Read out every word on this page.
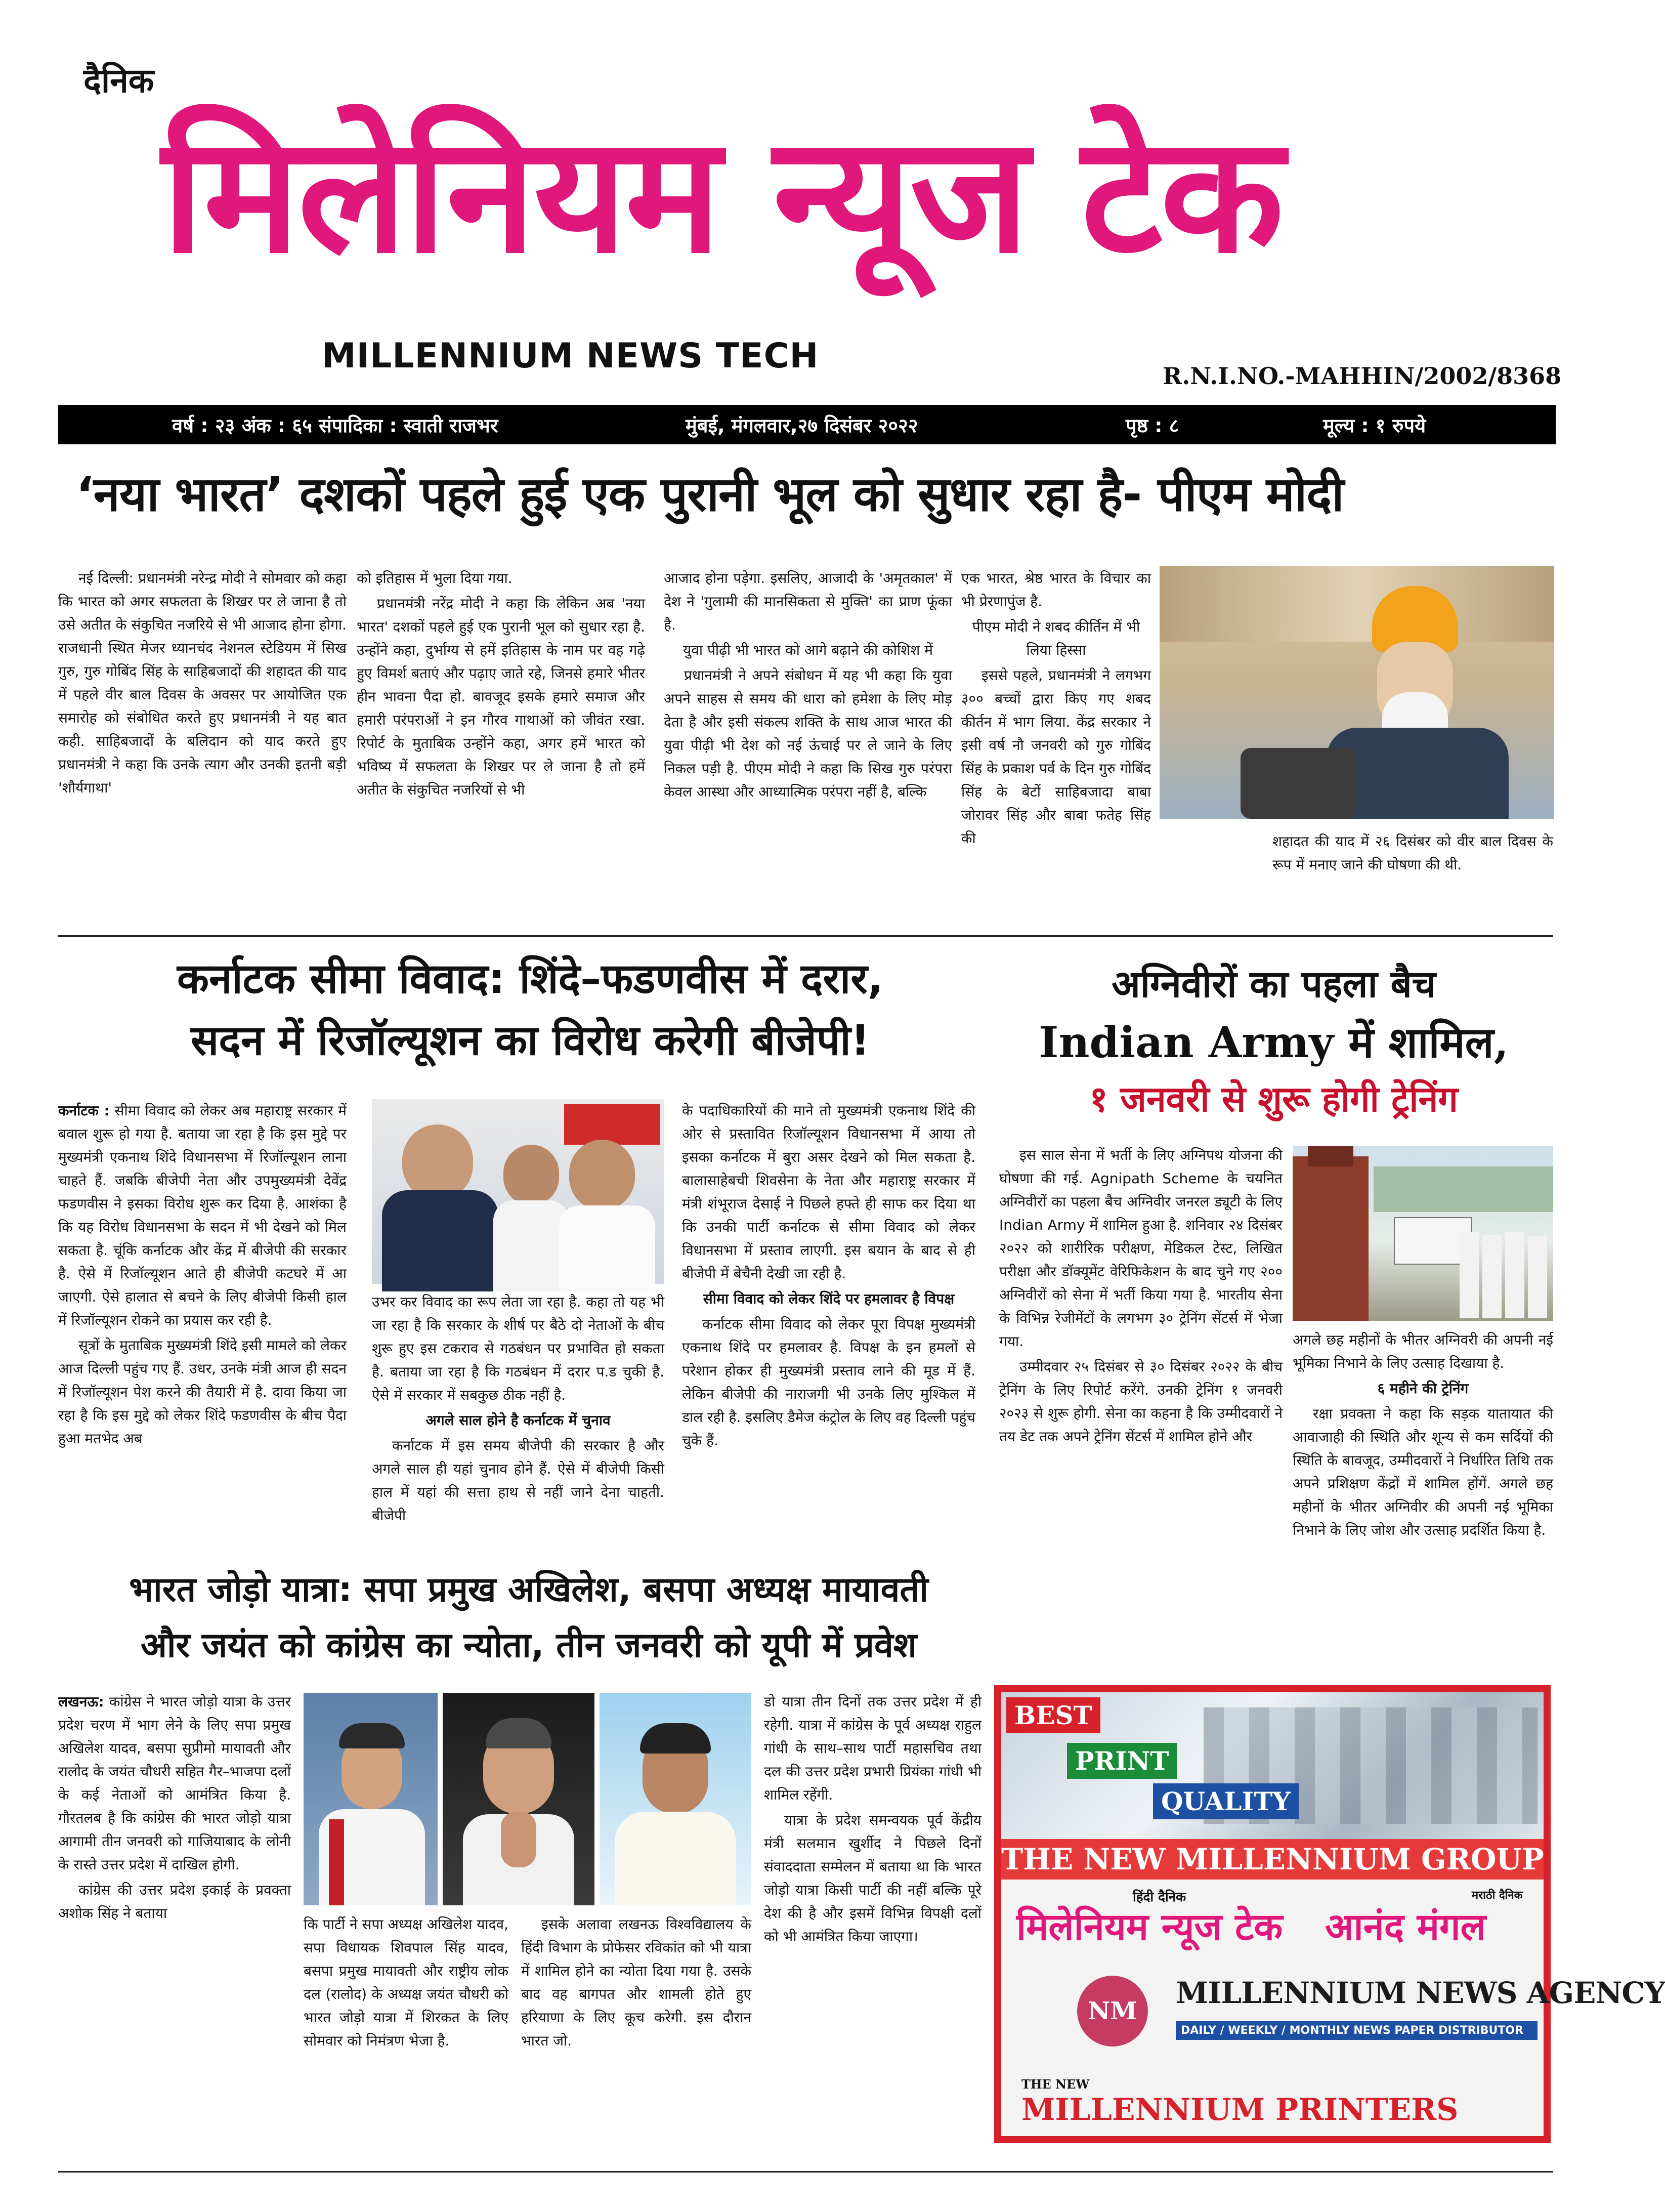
दैनिक
मिलेनियम न्यूज टेक
MILLENNIUM NEWS TECH	R.N.I.NO.-MAHHIN/2002/8368
वर्ष : २३ अंक : ६५ संपादिका : स्वाती राजभर	मुंबई, मंगलवार,२७ दिसंबर २०२२	पृष्ठ : ८	मूल्य : १ रुपये
‘नया भारत’ दशकों पहले हुई एक पुरानी भूल को सुधार रहा है- पीएम मोदी

नई दिल्ली: प्रधानमंत्री नरेन्द्र मोदी ने सोमवार को कहा कि भारत को अगर सफलता के शिखर पर ले जाना है तो उसे अतीत के संकुचित नजरिये से भी आजाद होना होगा. राजधानी स्थित मेजर ध्यानचंद नेशनल स्टेडियम में सिख गुरु, गुरु गोबिंद सिंह के साहिबजादों की शहादत की याद में पहले वीर बाल दिवस के अवसर पर आयोजित एक समारोह को संबोधित करते हुए प्रधानमंत्री ने यह बात कही. साहिबजादों के बलिदान को याद करते हुए प्रधानमंत्री ने कहा कि उनके त्याग और उनकी इतनी बड़ी 'शौर्यगाथा'

को इतिहास में भुला दिया गया.

प्रधानमंत्री नरेंद्र मोदी ने कहा कि लेकिन अब 'नया भारत' दशकों पहले हुई एक पुरानी भूल को सुधार रहा है. उन्होंने कहा, दुर्भाग्य से हमें इतिहास के नाम पर वह गढ़े हुए विमर्श बताएं और पढ़ाए जाते रहे, जिनसे हमारे भीतर हीन भावना पैदा हो. बावजूद इसके हमारे समाज और हमारी परंपराओं ने इन गौरव गाथाओं को जीवंत रखा. रिपोर्ट के मुताबिक उन्होंने कहा, अगर हमें भारत को भविष्य में सफलता के शिखर पर ले जाना है तो हमें अतीत के संकुचित नजरियों से भी

आजाद होना पड़ेगा. इसलिए, आजादी के 'अमृतकाल' में देश ने 'गुलामी की मानसिकता से मुक्ति' का प्राण फूंका है.

युवा पीढ़ी भी भारत को आगे बढ़ाने की कोशिश में

प्रधानमंत्री ने अपने संबोधन में यह भी कहा कि युवा अपने साहस से समय की धारा को हमेशा के लिए मोड़ देता है और इसी संकल्प शक्ति के साथ आज भारत की युवा पीढ़ी भी देश को नई ऊंचाई पर ले जाने के लिए निकल पड़ी है. पीएम मोदी ने कहा कि सिख गुरु परंपरा केवल आस्था और आध्यात्मिक परंपरा नहीं है, बल्कि

एक भारत, श्रेष्ठ भारत के विचार का भी प्रेरणापुंज है.

पीएम मोदी ने शबद कीर्तिन में भी लिया हिस्सा

इससे पहले, प्रधानमंत्री ने लगभग ३०० बच्चों द्वारा किए गए शबद कीर्तन में भाग लिया. केंद्र सरकार ने इसी वर्ष नौ जनवरी को गुरु गोबिंद सिंह के प्रकाश पर्व के दिन गुरु गोबिंद सिंह के बेटों साहिबजादा बाबा जोरावर सिंह और बाबा फतेह सिंह की	शहादत की याद में २६ दिसंबर को वीर बाल दिवस के रूप में मनाए जाने की घोषणा की थी.

कर्नाटक सीमा विवाद: शिंदे–फडणवीस में दरार,
सदन में रिजॉल्यूशन का विरोध करेगी बीजेपी!

कर्नाटक : सीमा विवाद को लेकर अब महाराष्ट्र सरकार में बवाल शुरू हो गया है. बताया जा रहा है कि इस मुद्दे पर मुख्यमंत्री एकनाथ शिंदे विधानसभा में रिजॉल्यूशन लाना चाहते हैं. जबकि बीजेपी नेता और उपमुख्यमंत्री देवेंद्र फडणवीस ने इसका विरोध शुरू कर दिया है. आशंका है कि यह विरोध विधानसभा के सदन में भी देखने को मिल सकता है. चूंकि कर्नाटक और केंद्र में बीजेपी की सरकार है. ऐसे में रिजॉल्यूशन आते ही बीजेपी कटघरे में आ जाएगी. ऐसे हालात से बचने के लिए बीजेपी किसी हाल में रिजॉल्यूशन रोकने का प्रयास कर रही है.

सूत्रों के मुताबिक मुख्यमंत्री शिंदे इसी मामले को लेकर आज दिल्ली पहुंच गए हैं. उधर, उनके मंत्री आज ही सदन में रिजॉल्यूशन पेश करने की तैयारी में है. दावा किया जा रहा है कि इस मुद्दे को लेकर शिंदे फडणवीस के बीच पैदा हुआ मतभेद अब

उभर कर विवाद का रूप लेता जा रहा है. कहा तो यह भी जा रहा है कि सरकार के शीर्ष पर बैठे दो नेताओं के बीच शुरू हुए इस टकराव से गठबंधन पर प्रभावित हो सकता है. बताया जा रहा है कि गठबंधन में दरार प.ड चुकी है. ऐसे में सरकार में सबकुछ ठीक नहीं है.

अगले साल होने है कर्नाटक में चुनाव

कर्नाटक में इस समय बीजेपी की सरकार है और अगले साल ही यहां चुनाव होने हैं. ऐसे में बीजेपी किसी हाल में यहां की सत्ता हाथ से नहीं जाने देना चाहती. बीजेपी

के पदाधिकारियों की माने तो मुख्यमंत्री एकनाथ शिंदे की ओर से प्रस्तावित रिजॉल्यूशन विधानसभा में आया तो इसका कर्नाटक में बुरा असर देखने को मिल सकता है. बालासाहेबची शिवसेना के नेता और महाराष्ट्र सरकार में मंत्री शंभूराज देसाई ने पिछले हफ्ते ही साफ कर दिया था कि उनकी पार्टी कर्नाटक से सीमा विवाद को लेकर विधानसभा में प्रस्ताव लाएगी. इस बयान के बाद से ही बीजेपी में बेचैनी देखी जा रही है.

सीमा विवाद को लेकर शिंदे पर हमलावर है विपक्ष

कर्नाटक सीमा विवाद को लेकर पूरा विपक्ष मुख्यमंत्री एकनाथ शिंदे पर हमलावर है. विपक्ष के इन हमलों से परेशान होकर ही मुख्यमंत्री प्रस्ताव लाने की मूड में हैं. लेकिन बीजेपी की नाराजगी भी उनके लिए मुश्किल में डाल रही है. इसलिए डैमेज कंट्रोल के लिए वह दिल्ली पहुंच चुके हैं.

अग्निवीरों का पहला बैच
Indian Army में शामिल,
१ जनवरी से शुरू होगी ट्रेनिंग

इस साल सेना में भर्ती के लिए अग्निपथ योजना की घोषणा की गई. Agnipath Scheme के चयनित अग्निवीरों का पहला बैच अग्निवीर जनरल ड्यूटी के लिए Indian Army में शामिल हुआ है. शनिवार २४ दिसंबर २०२२ को शारीरिक परीक्षण, मेडिकल टेस्ट, लिखित परीक्षा और डॉक्यूमेंट वेरिफिकेशन के बाद चुने गए २०० अग्निवीरों को सेना में भर्ती किया गया है. भारतीय सेना के विभिन्न रेजीमेंटों के लगभग ३० ट्रेनिंग सेंटर्स में भेजा गया.

उम्मीदवार २५ दिसंबर से ३० दिसंबर २०२२ के बीच ट्रेनिंग के लिए रिपोर्ट करेंगे. उनकी ट्रेनिंग १ जनवरी २०२३ से शुरू होगी. सेना का कहना है कि उम्मीदवारों ने तय डेट तक अपने ट्रेनिंग सेंटर्स में शामिल होने और

अगले छह महीनों के भीतर अग्निवरी की अपनी नई भूमिका निभाने के लिए उत्साह दिखाया है.

६ महीने की ट्रेनिंग

रक्षा प्रवक्ता ने कहा कि सड़क यातायात की आवाजाही की स्थिति और शून्य से कम सर्दियों की स्थिति के बावजूद, उम्मीदवारों ने निर्धारित तिथि तक अपने प्रशिक्षण केंद्रों में शामिल होंगें. अगले छह महीनों के भीतर अग्निवीर की अपनी नई भूमिका निभाने के लिए जोश और उत्साह प्रदर्शित किया है.

भारत जोड़ो यात्रा: सपा प्रमुख अखिलेश, बसपा अध्यक्ष मायावती
और जयंत को कांग्रेस का न्योता, तीन जनवरी को यूपी में प्रवेश

लखनऊ: कांग्रेस ने भारत जोड़ो यात्रा के उत्तर प्रदेश चरण में भाग लेने के लिए सपा प्रमुख अखिलेश यादव, बसपा सुप्रीमो मायावती और रालोद के जयंत चौधरी सहित गैर–भाजपा दलों के कई नेताओं को आमंत्रित किया है. गौरतलब है कि कांग्रेस की भारत जोड़ो यात्रा आगामी तीन जनवरी को गाजियाबाद के लोनी के रास्ते उत्तर प्रदेश में दाखिल होगी.

कांग्रेस की उत्तर प्रदेश इकाई के प्रवक्ता अशोक सिंह ने बताया

कि पार्टी ने सपा अध्यक्ष अखिलेश यादव, सपा विधायक शिवपाल सिंह यादव, बसपा प्रमुख मायावती और राष्ट्रीय लोक दल (रालोद) के अध्यक्ष जयंत चौधरी को भारत जोड़ो यात्रा में शिरकत के लिए सोमवार को निमंत्रण भेजा है.

इसके अलावा लखनऊ विश्वविद्यालय के हिंदी विभाग के प्रोफेसर रविकांत को भी यात्रा में शामिल होने का न्योता दिया गया है. उसके बाद वह बागपत और शामली होते हुए हरियाणा के लिए कूच करेगी. इस दौरान भारत जो.

डो यात्रा तीन दिनों तक उत्तर प्रदेश में ही रहेगी. यात्रा में कांग्रेस के पूर्व अध्यक्ष राहुल गांधी के साथ–साथ पार्टी महासचिव तथा दल की उत्तर प्रदेश प्रभारी प्रियंका गांधी भी शामिल रहेंगी.

यात्रा के प्रदेश समन्वयक पूर्व केंद्रीय मंत्री सलमान खुर्शीद ने पिछले दिनों संवाददाता सम्मेलन में बताया था कि भारत जोड़ो यात्रा किसी पार्टी की नहीं बल्कि पूरे देश की है और इसमें विभिन्न विपक्षी दलों को भी आमंत्रित किया जाएगा।

BEST
PRINT
QUALITY
THE NEW MILLENNIUM GROUP
हिंदी दैनिक
मिलेनियम न्यूज टेक
मराठी दैनिक
आनंद मंगल
NM
MILLENNIUM NEWS AGENCY
DAILY / WEEKLY / MONTHLY NEWS PAPER DISTRIBUTOR
THE NEW
MILLENNIUM PRINTERS
